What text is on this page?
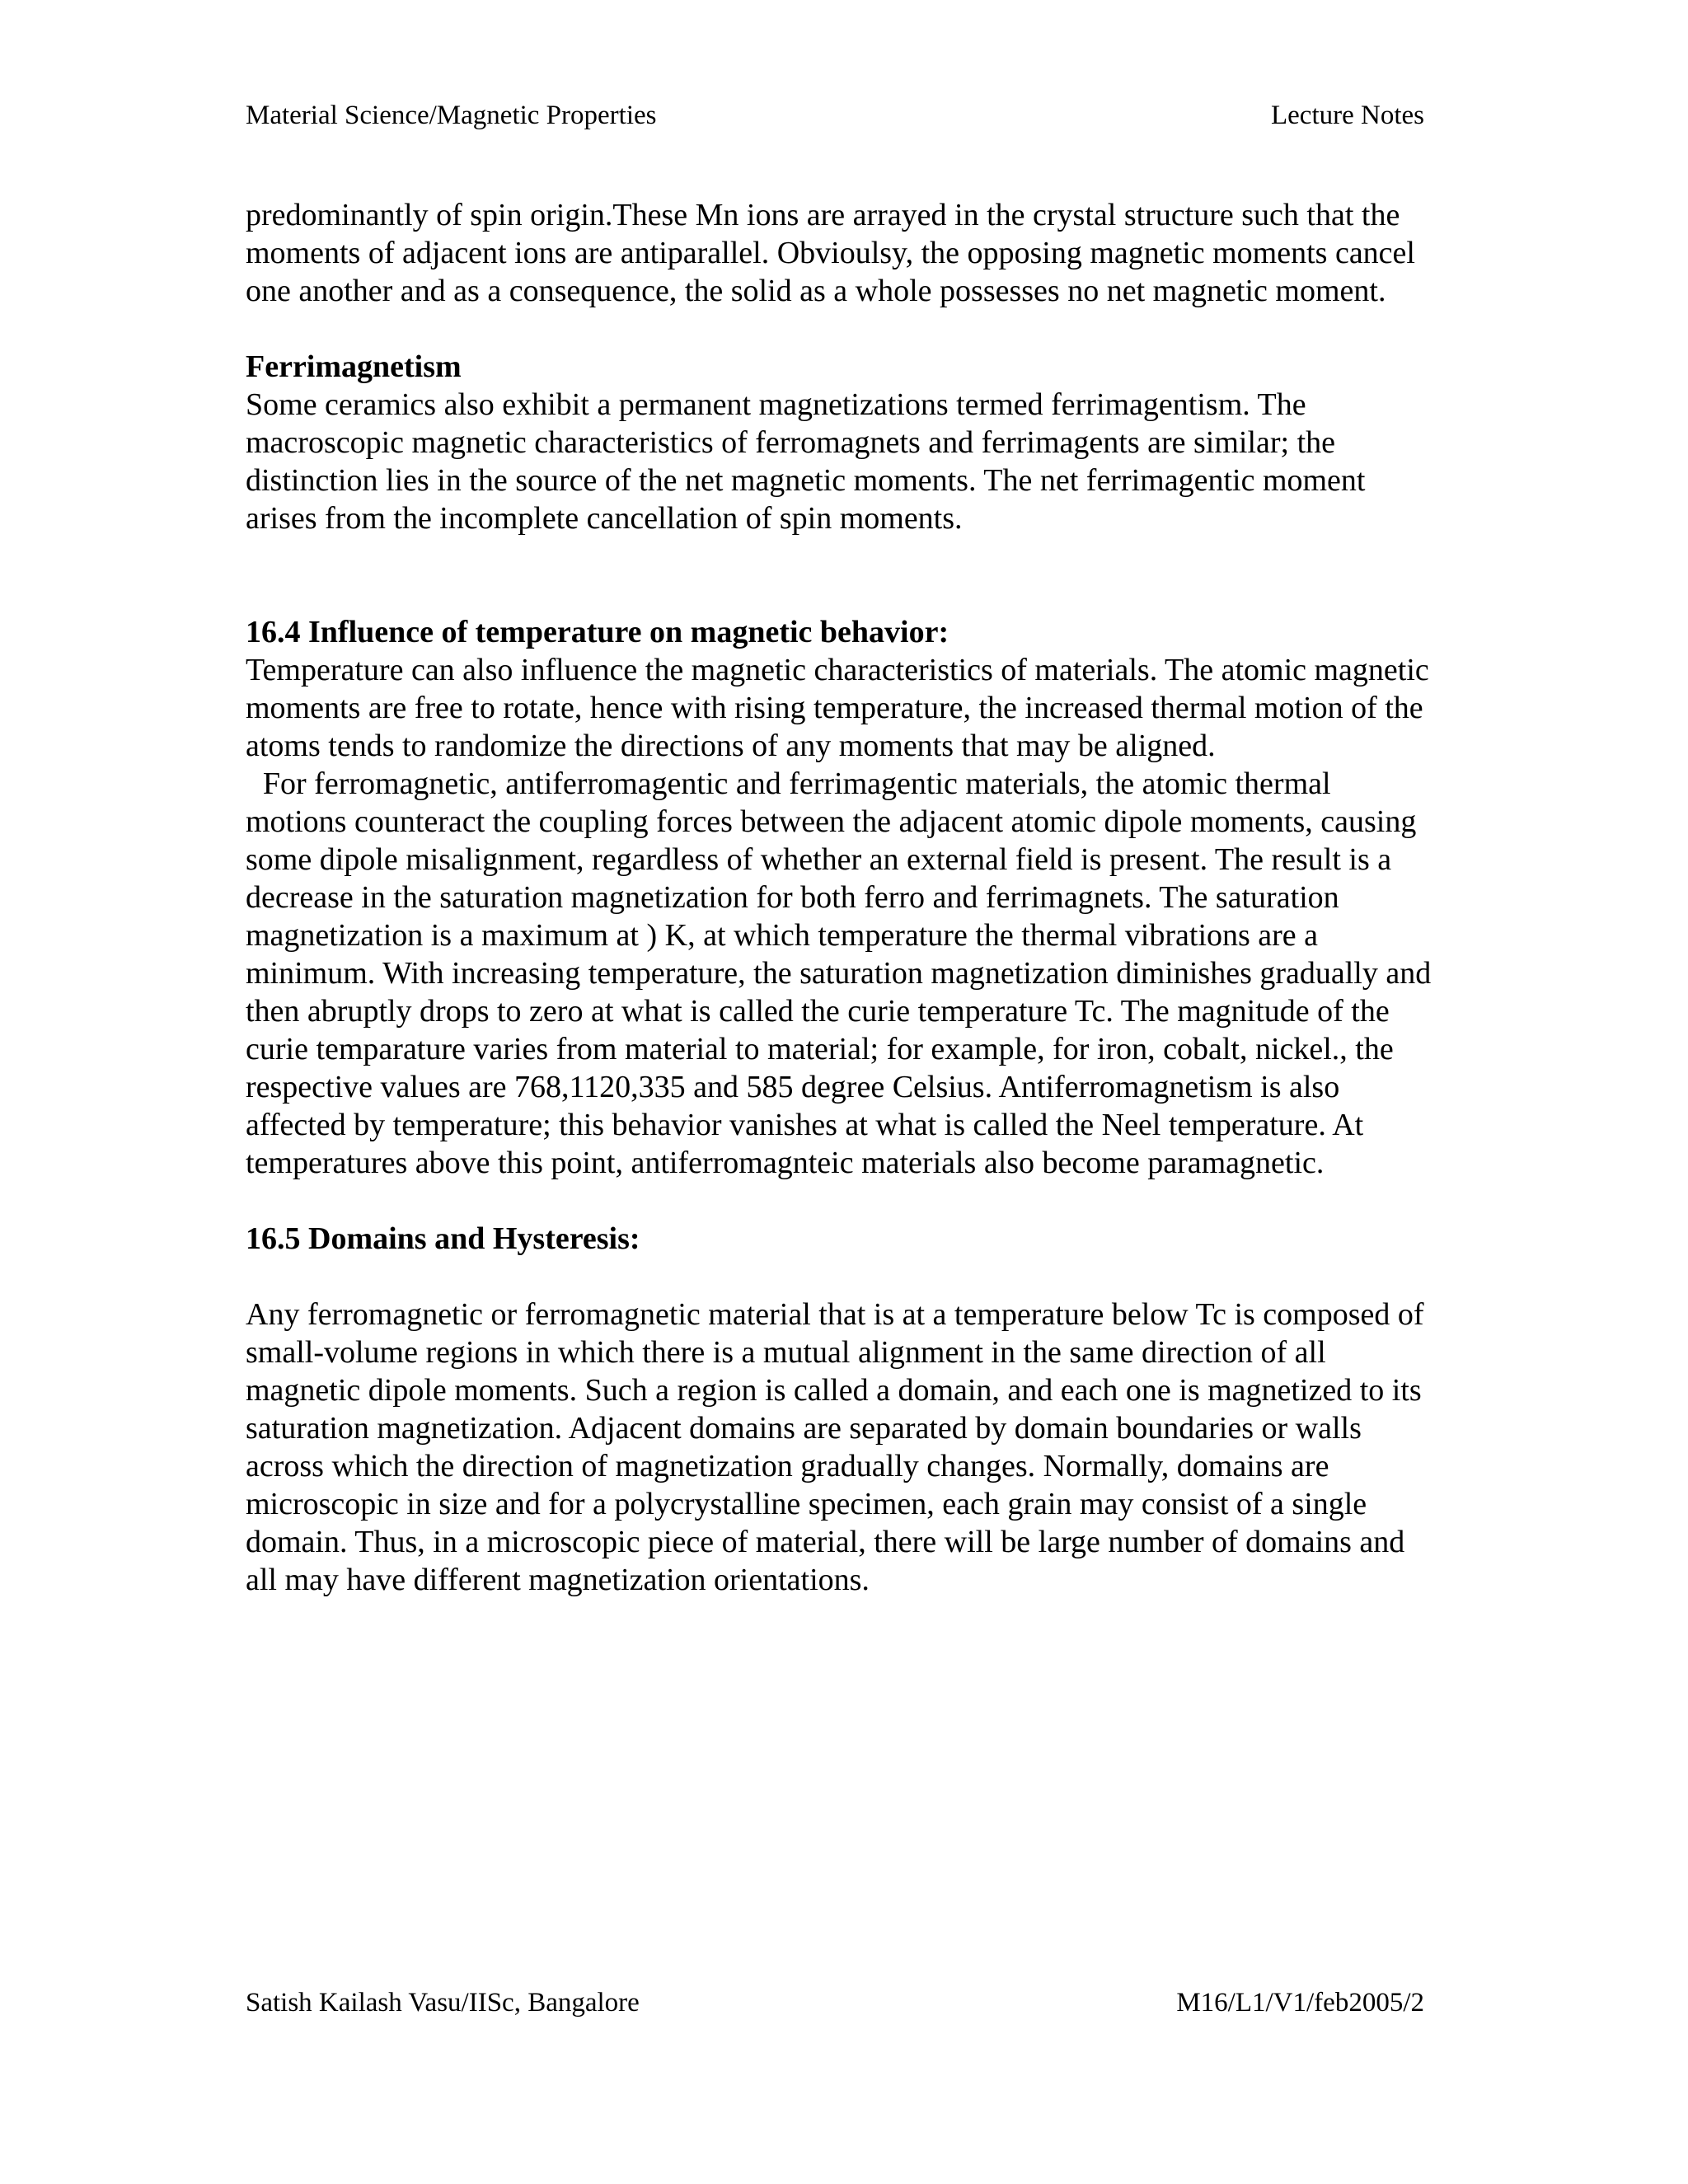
Material Science/Magnetic Properties	Lecture Notes

predominantly of spin origin.These Mn ions are arrayed in the crystal structure such that the moments of adjacent ions are antiparallel. Obvioulsy, the opposing magnetic moments cancel one another and as a consequence, the solid as a whole possesses no net magnetic moment.

Ferrimagnetism

Some ceramics also exhibit a permanent magnetizations termed ferrimagentism. The macroscopic magnetic characteristics of ferromagnets and ferrimagents are similar; the distinction lies in the source of the net magnetic moments. The net ferrimagentic moment arises from the incomplete cancellation of spin moments.

16.4 Influence of temperature on magnetic behavior:

Temperature can also influence the magnetic characteristics of materials. The atomic magnetic moments are free to rotate, hence with rising temperature, the increased thermal motion of the atoms tends to randomize the directions of any moments that may be aligned.

For ferromagnetic, antiferromagentic and ferrimagentic materials, the atomic thermal motions counteract the coupling forces between the adjacent atomic dipole moments, causing some dipole misalignment, regardless of whether an external field is present. The result is a decrease in the saturation magnetization for both ferro and ferrimagnets. The saturation magnetization is a maximum at ) K, at which temperature the thermal vibrations are a minimum. With increasing temperature, the saturation magnetization diminishes gradually and then abruptly drops to zero at what is called the curie temperature Tc. The magnitude of the curie temparature varies from material to material; for example, for iron, cobalt, nickel., the respective values are 768,1120,335 and 585 degree Celsius. Antiferromagnetism is also affected by temperature; this behavior vanishes at what is called the Neel temperature. At temperatures above this point, antiferromagnteic materials also become paramagnetic.

16.5 Domains and Hysteresis:

Any ferromagnetic or ferromagnetic material that is at a temperature below Tc is composed of small-volume regions in which there is a mutual alignment in the same direction of all magnetic dipole moments. Such a region is called a domain, and each one is magnetized to its saturation magnetization. Adjacent domains are separated by domain boundaries or walls across which the direction of magnetization gradually changes. Normally, domains are microscopic in size and for a polycrystalline specimen, each grain may consist of a single domain. Thus, in a microscopic piece of material, there will be large number of domains and all may have different magnetization orientations.

Satish Kailash Vasu/IISc, Bangalore	M16/L1/V1/feb2005/2
